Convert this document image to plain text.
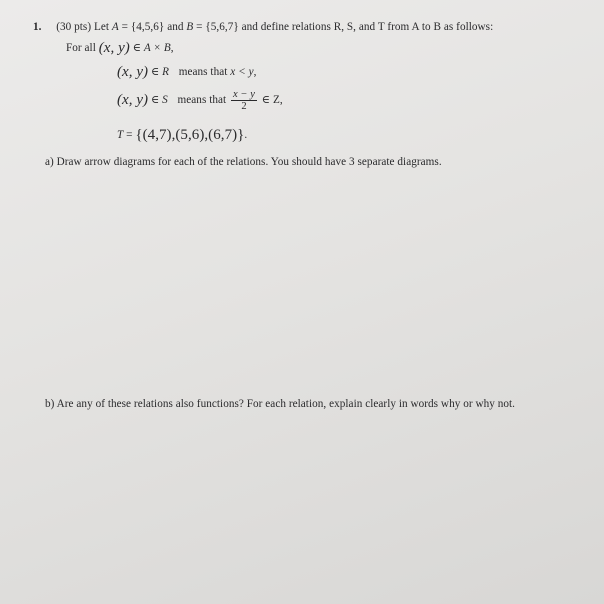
1. (30 pts) Let A = {4,5,6} and B = {5,6,7} and define relations R, S, and T from A to B as follows:
For all (x, y) ∈ A × B,
(x, y) ∈ R means that x < y,
(x, y) ∈ S means that $\frac{x - y}{2}$ ∈ Z,
T = {(4,7),(5,6),(6,7)}.
a) Draw arrow diagrams for each of the relations. You should have 3 separate diagrams.
b) Are any of these relations also functions? For each relation, explain clearly in words why or why not.
